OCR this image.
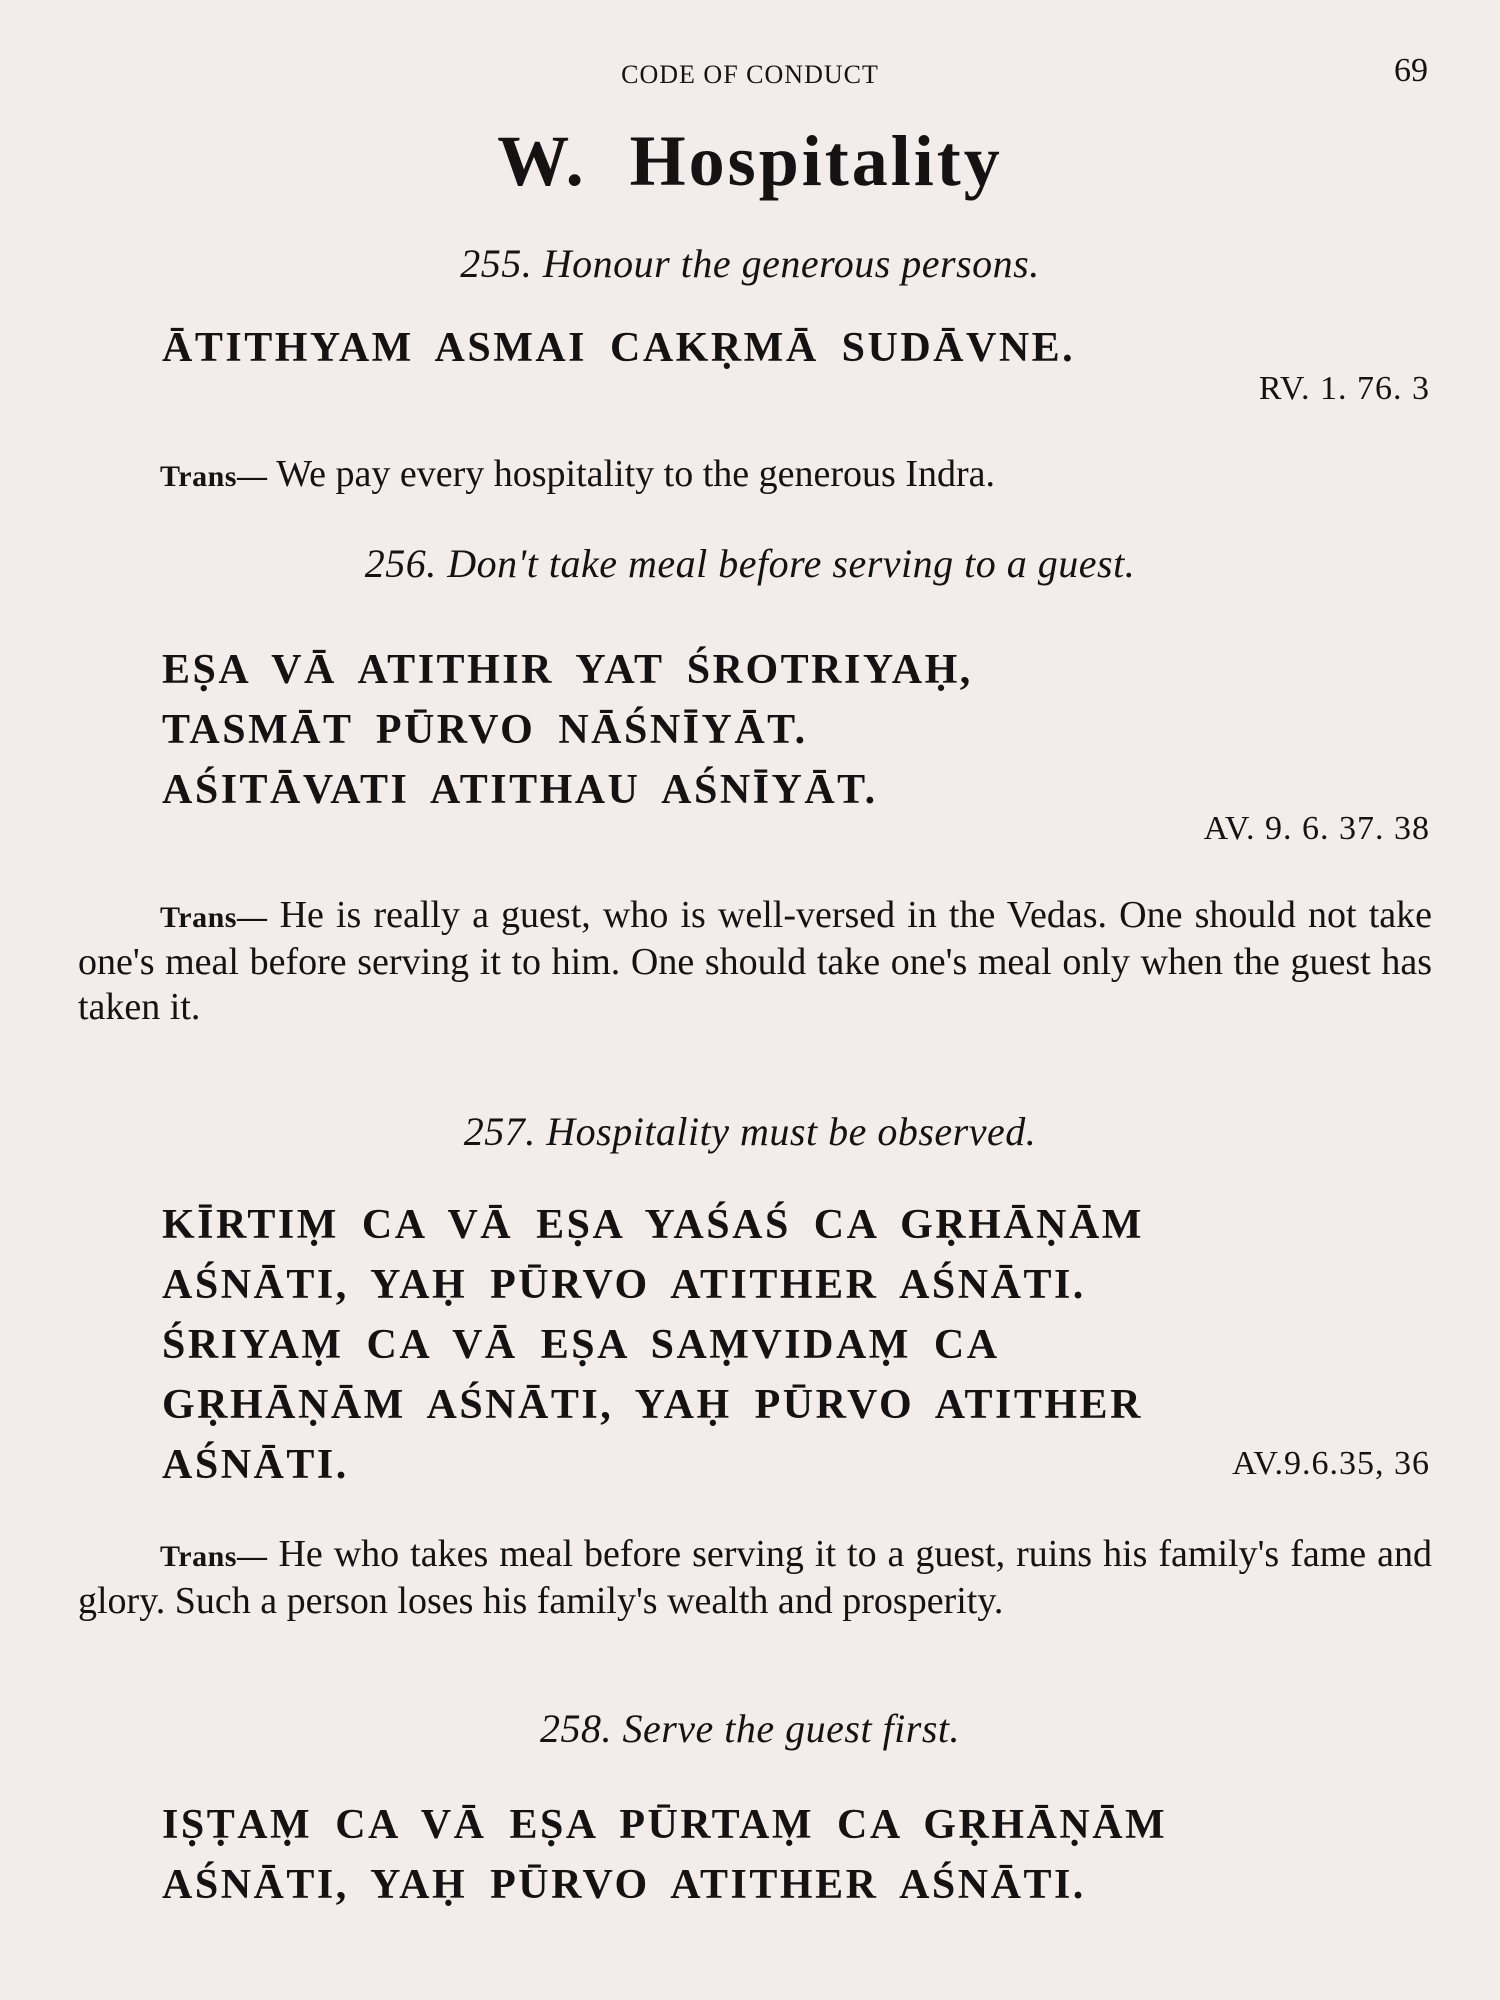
CODE OF CONDUCT	69
W. Hospitality
255. Honour the generous persons.
ĀTITHYAM ASMAI CAKṚMĀ SUDĀVNE.
RV. 1. 76. 3
Trans— We pay every hospitality to the generous Indra.
256. Don't take meal before serving to a guest.
EṢA VĀ ATITHIR YAT ŚROTRIYAḤ,
TASMĀT PŪRVO NĀŚNĪYĀT.
AŚITĀVATI ATITHAU AŚNĪYĀT.
AV. 9. 6. 37. 38
Trans— He is really a guest, who is well-versed in the Vedas. One should not take one's meal before serving it to him. One should take one's meal only when the guest has taken it.
257. Hospitality must be observed.
KĪRTIṂ CA VĀ EṢA YAŚAŚ CA GṚHĀṆĀM
AŚNĀTI, YAḤ PŪRVO ATITHER AŚNĀTI.
ŚRIYAṂ CA VĀ EṢA SAṂVIDAṂ CA
GṚHĀṆĀM AŚNĀTI, YAḤ PŪRVO ATITHER
AŚNĀTI.	AV.9.6.35, 36
Trans— He who takes meal before serving it to a guest, ruins his family's fame and glory. Such a person loses his family's wealth and prosperity.
258. Serve the guest first.
IṢṬAṂ CA VĀ EṢA PŪRTAṂ CA GṚHĀṆĀM
AŚNĀTI, YAḤ PŪRVO ATITHER AŚNĀTI.
